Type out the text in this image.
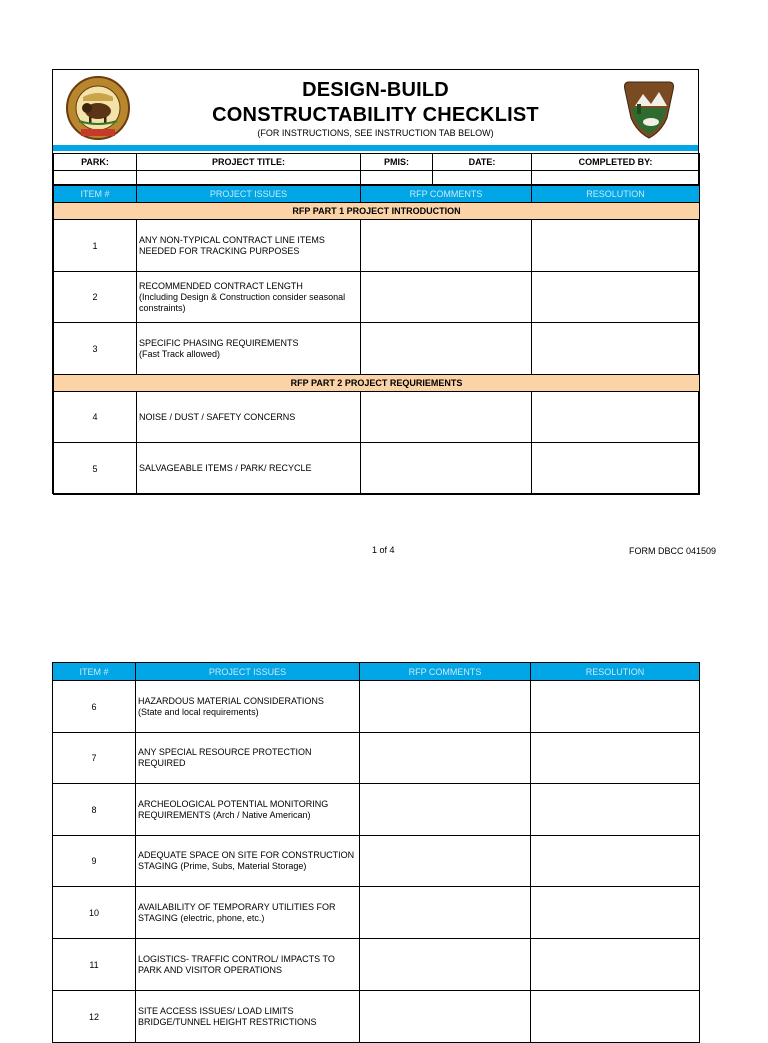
DESIGN-BUILD
CONSTRUCTABILITY CHECKLIST
(FOR INSTRUCTIONS, SEE INSTRUCTION TAB BELOW)
PARK:	PROJECT TITLE:	PMIS:	DATE:	COMPLETED BY:

ITEM #	PROJECT ISSUES	RFP COMMENTS	RESOLUTION
RFP PART 1 PROJECT INTRODUCTION			
1	ANY NON-TYPICAL CONTRACT LINE ITEMS
NEEDED FOR TRACKING PURPOSES		

2	RECOMMENDED CONTRACT LENGTH
(Including Design & Construction consider seasonal
constraints)		

3	SPECIFIC PHASING REQUIREMENTS
(Fast Track allowed)		

RFP PART 2 PROJECT REQURIEMENTS			
4	NOISE / DUST / SAFETY CONCERNS		

5	SALVAGEABLE ITEMS / PARK/ RECYCLE		

1 of 4	FORM DBCC 041509
ITEM #	PROJECT ISSUES	RFP COMMENTS	RESOLUTION
6	HAZARDOUS MATERIAL CONSIDERATIONS
(State and local requirements)		

7	ANY SPECIAL RESOURCE PROTECTION
REQUIRED		

8	ARCHEOLOGICAL POTENTIAL MONITORING
REQUIREMENTS (Arch / Native American)		

9	ADEQUATE SPACE ON SITE FOR CONSTRUCTION
STAGING (Prime, Subs, Material Storage)		

10	AVAILABILITY OF TEMPORARY UTILITIES FOR
STAGING (electric, phone, etc.)		

11	LOGISTICS- TRAFFIC CONTROL/ IMPACTS TO
PARK AND VISITOR OPERATIONS		

12	SITE ACCESS ISSUES/ LOAD LIMITS
BRIDGE/TUNNEL HEIGHT RESTRICTIONS		
